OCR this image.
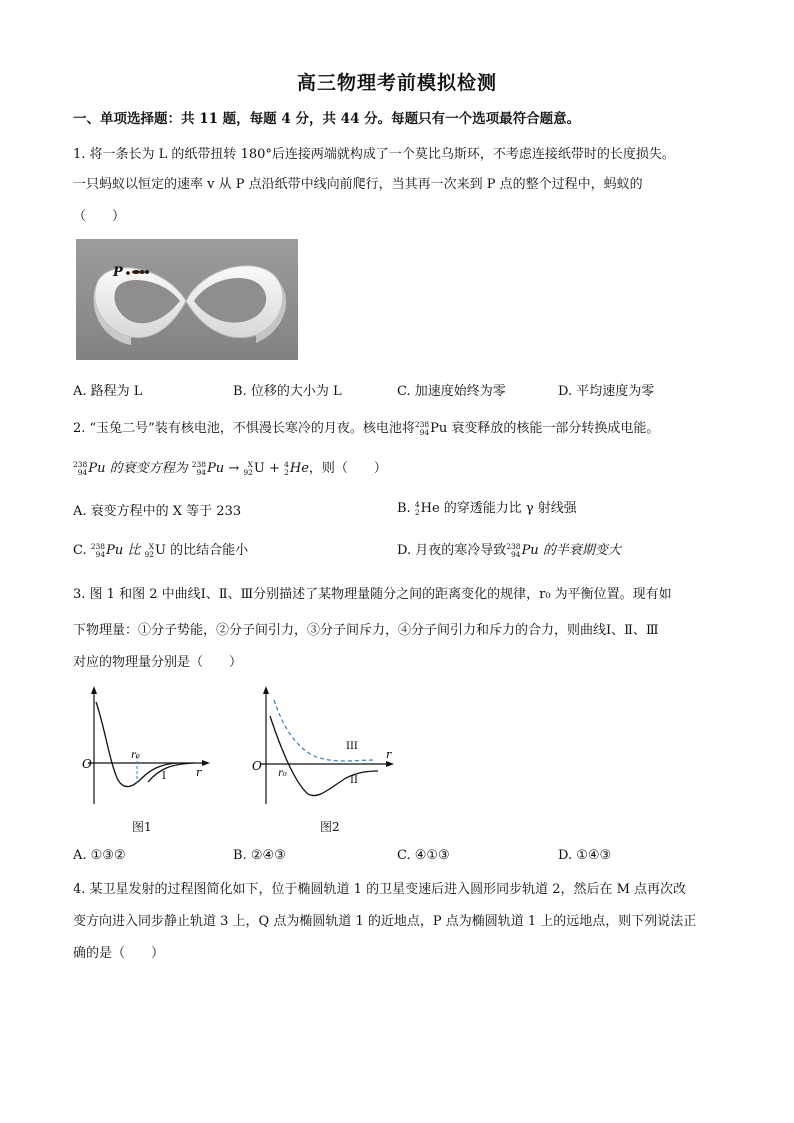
高三物理考前模拟检测
一、单项选择题：共 11 题，每题 4 分，共 44 分。每题只有一个选项最符合题意。
1. 将一条长为 L 的纸带扭转 180°后连接两端就构成了一个莫比乌斯环，不考虑连接纸带时的长度损失。
一只蚂蚁以恒定的速率 v 从 P 点沿纸带中线向前爬行，当其再一次来到 P 点的整个过程中，蚂蚁的
（　　）
P
A. 路程为 L	B. 位移的大小为 L	C. 加速度始终为零	D. 平均速度为零
2. “玉兔二号”装有核电池，不惧漫长寒冷的月夜。核电池将 238
94 Pu 衰变释放的核能一部分转换成电能。
238
94 Pu 的衰变方程为 238
94 Pu →	X
92 U + 4
2 He，则（　　）
A. 衰变方程中的 X 等于 233	B. 4
2 He 的穿透能力比 γ 射线强
C. 238
94 Pu 比	X
92 U 的比结合能小	D. 月夜的寒冷导致 238
94 Pu 的半衰期变大
3. 图 1 和图 2 中曲线Ⅰ、Ⅱ、Ⅲ分别描述了某物理量随分之间的距离变化的规律，r₀ 为平衡位置。现有如
下物理量：①分子势能，②分子间引力，③分子间斥力，④分子间引力和斥力的合力，则曲线Ⅰ、Ⅱ、Ⅲ
对应的物理量分别是（　　）
O
r₀
r
I
图1
O
r₀
r
III
II
图2
A. ①③②	B. ②④③	C. ④①③	D. ①④③
4. 某卫星发射的过程图简化如下，位于椭圆轨道 1 的卫星变速后进入圆形同步轨道 2，然后在 M 点再次改
变方向进入同步静止轨道 3 上，Q 点为椭圆轨道 1 的近地点，P 点为椭圆轨道 1 上的远地点，则下列说法正
确的是（　　）
